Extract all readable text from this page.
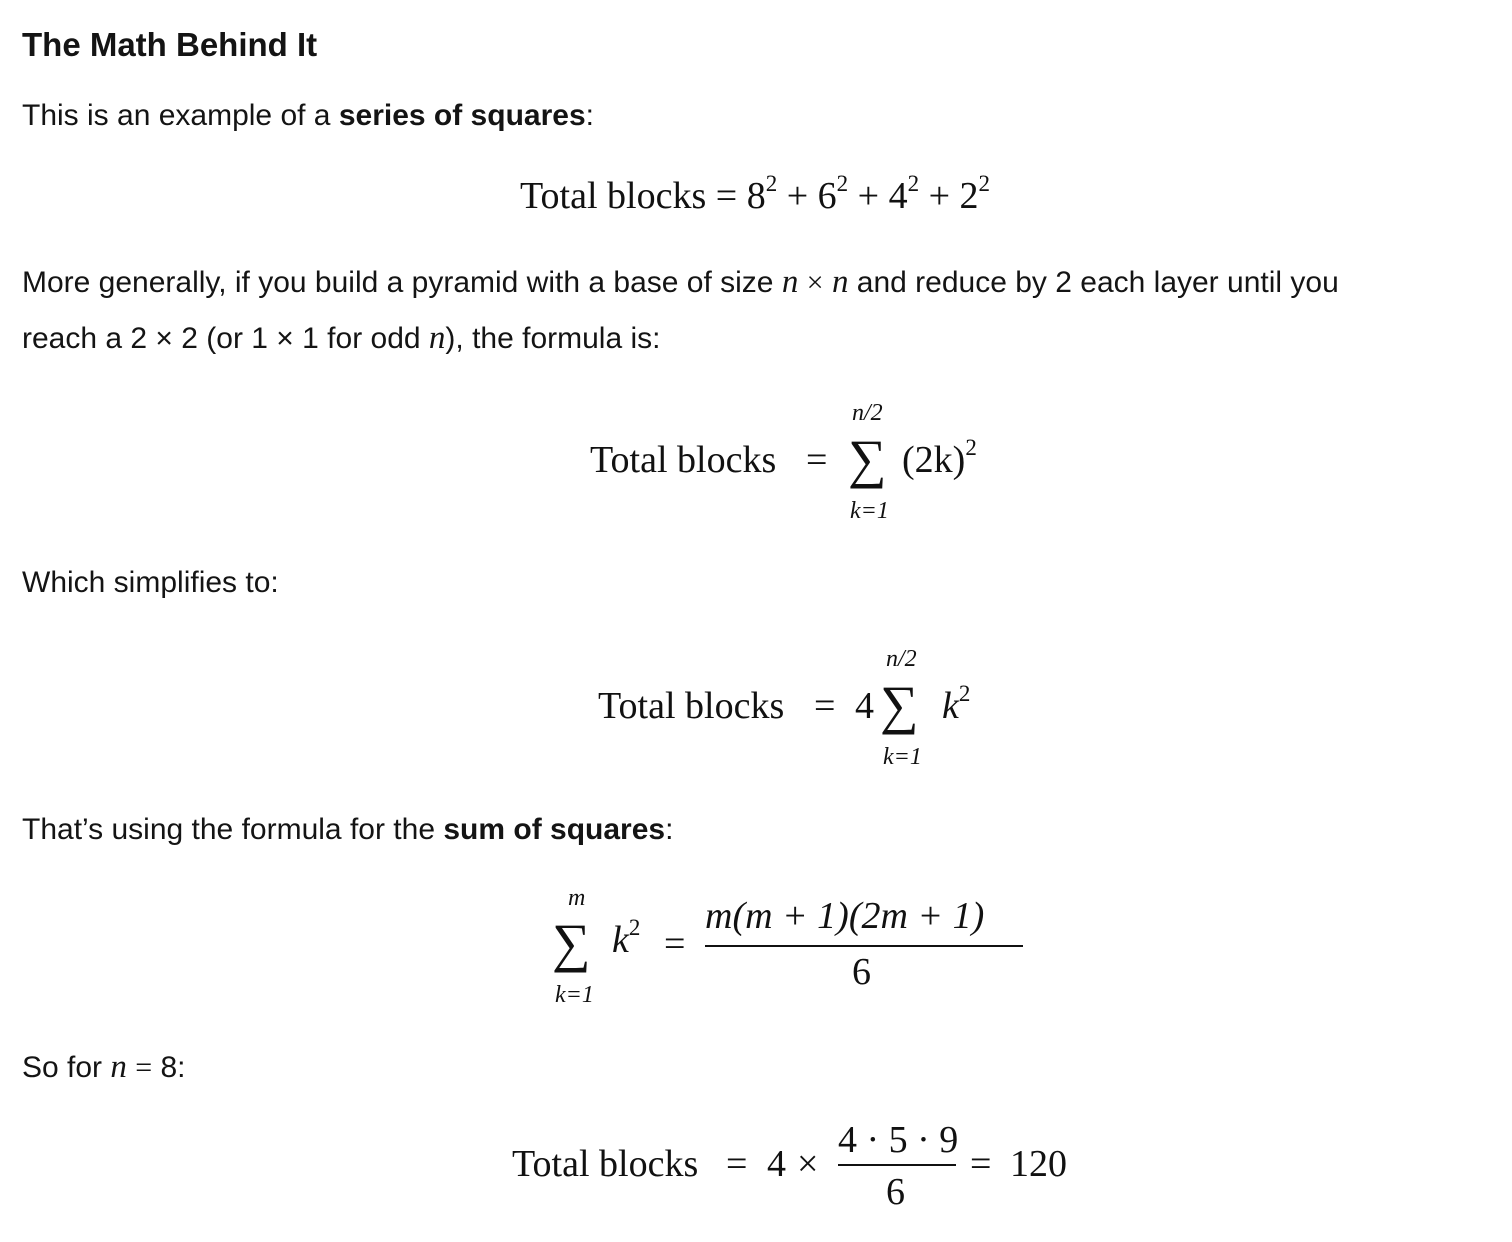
The Math Behind It
This is an example of a series of squares:
Total blocks = $8^2 + 6^2 + 4^2 + 2^2$
More generally, if you build a pyramid with a base of size n × n and reduce by 2 each layer until you
reach a 2 × 2 (or 1 × 1 for odd n), the formula is:
Total blocks =
n/2
∑
k=1
$(2k)^2$
Which simplifies to:
Total blocks = 4
n/2
∑
k=1
$k^2$
That’s using the formula for the sum of squares:
m
∑
k=1
$k^2$ =
m(m + 1)(2m + 1)
6
So for n = 8:
Total blocks = 4 ×
4 · 5 · 9
6
= 120
